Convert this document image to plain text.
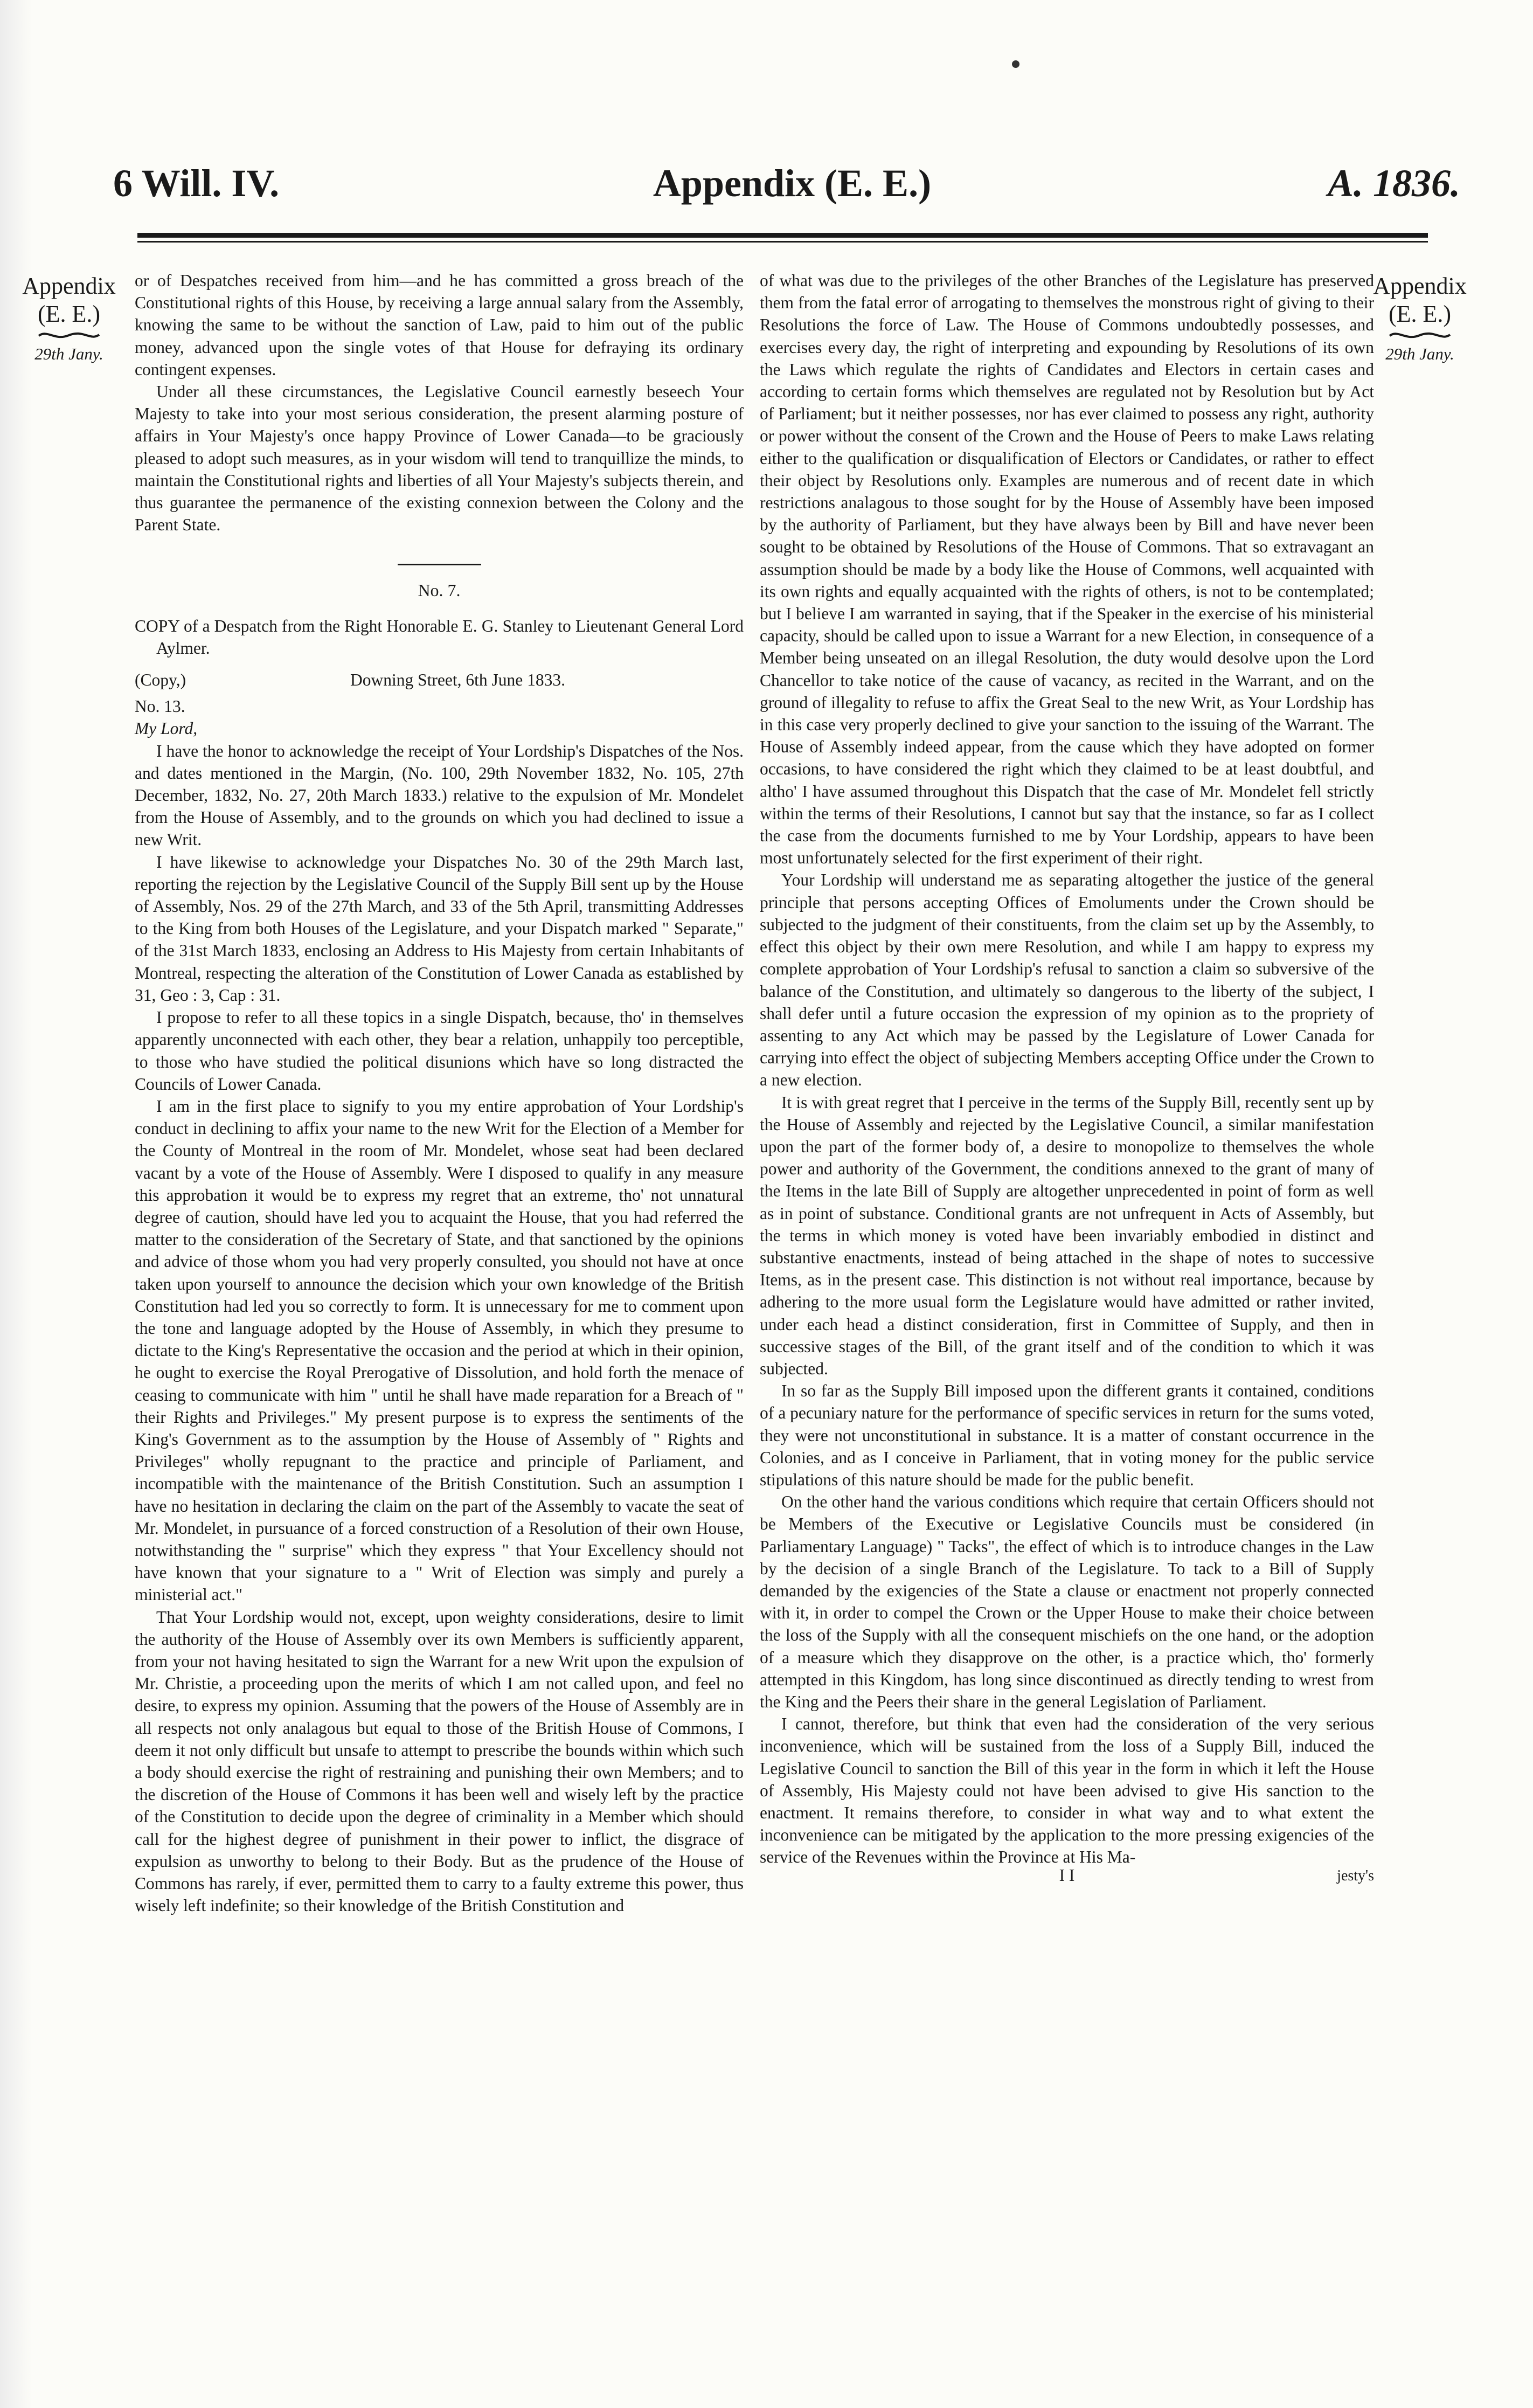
6 Will. IV.	Appendix (E. E.)	A. 1836.
Appendix
(E. E.)
29th Jany.
Appendix
(E. E.)
29th Jany.

or of Despatches received from him—and he has committed a gross breach of the Constitutional rights of this House, by receiving a large annual salary from the Assembly, knowing the same to be without the sanction of Law, paid to him out of the public money, advanced upon the single votes of that House for defraying its ordinary contingent expenses.

Under all these circumstances, the Legislative Council earnestly beseech Your Majesty to take into your most serious consideration, the present alarming posture of affairs in Your Majesty's once happy Province of Lower Canada—to be graciously pleased to adopt such measures, as in your wisdom will tend to tranquillize the minds, to maintain the Constitutional rights and liberties of all Your Majesty's subjects therein, and thus guarantee the permanence of the existing connexion between the Colony and the Parent State.

No. 7.

COPY of a Despatch from the Right Honorable E. G. Stanley to Lieutenant General Lord Aylmer.

(Copy,)	Downing Street, 6th June 1833.

No. 13.

My Lord,

I have the honor to acknowledge the receipt of Your Lordship's Dispatches of the Nos. and dates mentioned in the Margin, (No. 100, 29th November 1832, No. 105, 27th December, 1832, No. 27, 20th March 1833.) relative to the expulsion of Mr. Mondelet from the House of Assembly, and to the grounds on which you had declined to issue a new Writ.

I have likewise to acknowledge your Dispatches No. 30 of the 29th March last, reporting the rejection by the Legislative Council of the Supply Bill sent up by the House of Assembly, Nos. 29 of the 27th March, and 33 of the 5th April, transmitting Addresses to the King from both Houses of the Legislature, and your Dispatch marked " Separate," of the 31st March 1833, enclosing an Address to His Majesty from certain Inhabitants of Montreal, respecting the alteration of the Constitution of Lower Canada as established by 31, Geo : 3, Cap : 31.

I propose to refer to all these topics in a single Dispatch, because, tho' in themselves apparently unconnected with each other, they bear a relation, unhappily too perceptible, to those who have studied the political disunions which have so long distracted the Councils of Lower Canada.

I am in the first place to signify to you my entire approbation of Your Lordship's conduct in declining to affix your name to the new Writ for the Election of a Member for the County of Montreal in the room of Mr. Mondelet, whose seat had been declared vacant by a vote of the House of Assembly. Were I disposed to qualify in any measure this approbation it would be to express my regret that an extreme, tho' not unnatural degree of caution, should have led you to acquaint the House, that you had referred the matter to the consideration of the Secretary of State, and that sanctioned by the opinions and advice of those whom you had very properly consulted, you should not have at once taken upon yourself to announce the decision which your own knowledge of the British Constitution had led you so correctly to form. It is unnecessary for me to comment upon the tone and language adopted by the House of Assembly, in which they presume to dictate to the King's Representative the occasion and the period at which in their opinion, he ought to exercise the Royal Prerogative of Dissolution, and hold forth the menace of ceasing to communicate with him " until he shall have made reparation for a Breach of " their Rights and Privileges." My present purpose is to express the sentiments of the King's Government as to the assumption by the House of Assembly of " Rights and Privileges" wholly repugnant to the practice and principle of Parliament, and incompatible with the maintenance of the British Constitution. Such an assumption I have no hesitation in declaring the claim on the part of the Assembly to vacate the seat of Mr. Mondelet, in pursuance of a forced construction of a Resolution of their own House, notwithstanding the " surprise" which they express " that Your Excellency should not have known that your signature to a " Writ of Election was simply and purely a ministerial act."

That Your Lordship would not, except, upon weighty considerations, desire to limit the authority of the House of Assembly over its own Members is sufficiently apparent, from your not having hesitated to sign the Warrant for a new Writ upon the expulsion of Mr. Christie, a proceeding upon the merits of which I am not called upon, and feel no desire, to express my opinion. Assuming that the powers of the House of Assembly are in all respects not only analagous but equal to those of the British House of Commons, I deem it not only difficult but unsafe to attempt to prescribe the bounds within which such a body should exercise the right of restraining and punishing their own Members; and to the discretion of the House of Commons it has been well and wisely left by the practice of the Constitution to decide upon the degree of criminality in a Member which should call for the highest degree of punishment in their power to inflict, the disgrace of expulsion as unworthy to belong to their Body. But as the prudence of the House of Commons has rarely, if ever, permitted them to carry to a faulty extreme this power, thus wisely left indefinite; so their knowledge of the British Constitution and

of what was due to the privileges of the other Branches of the Legislature has preserved them from the fatal error of arrogating to themselves the monstrous right of giving to their Resolutions the force of Law. The House of Commons undoubtedly possesses, and exercises every day, the right of interpreting and expounding by Resolutions of its own the Laws which regulate the rights of Candidates and Electors in certain cases and according to certain forms which themselves are regulated not by Resolution but by Act of Parliament; but it neither possesses, nor has ever claimed to possess any right, authority or power without the consent of the Crown and the House of Peers to make Laws relating either to the qualification or disqualification of Electors or Candidates, or rather to effect their object by Resolutions only. Examples are numerous and of recent date in which restrictions analagous to those sought for by the House of Assembly have been imposed by the authority of Parliament, but they have always been by Bill and have never been sought to be obtained by Resolutions of the House of Commons. That so extravagant an assumption should be made by a body like the House of Commons, well acquainted with its own rights and equally acquainted with the rights of others, is not to be contemplated; but I believe I am warranted in saying, that if the Speaker in the exercise of his ministerial capacity, should be called upon to issue a Warrant for a new Election, in consequence of a Member being unseated on an illegal Resolution, the duty would desolve upon the Lord Chancellor to take notice of the cause of vacancy, as recited in the Warrant, and on the ground of illegality to refuse to affix the Great Seal to the new Writ, as Your Lordship has in this case very properly declined to give your sanction to the issuing of the Warrant. The House of Assembly indeed appear, from the cause which they have adopted on former occasions, to have considered the right which they claimed to be at least doubtful, and altho' I have assumed throughout this Dispatch that the case of Mr. Mondelet fell strictly within the terms of their Resolutions, I cannot but say that the instance, so far as I collect the case from the documents furnished to me by Your Lordship, appears to have been most unfortunately selected for the first experiment of their right.

Your Lordship will understand me as separating altogether the justice of the general principle that persons accepting Offices of Emoluments under the Crown should be subjected to the judgment of their constituents, from the claim set up by the Assembly, to effect this object by their own mere Resolution, and while I am happy to express my complete approbation of Your Lordship's refusal to sanction a claim so subversive of the balance of the Constitution, and ultimately so dangerous to the liberty of the subject, I shall defer until a future occasion the expression of my opinion as to the propriety of assenting to any Act which may be passed by the Legislature of Lower Canada for carrying into effect the object of subjecting Members accepting Office under the Crown to a new election.

It is with great regret that I perceive in the terms of the Supply Bill, recently sent up by the House of Assembly and rejected by the Legislative Council, a similar manifestation upon the part of the former body of, a desire to monopolize to themselves the whole power and authority of the Government, the conditions annexed to the grant of many of the Items in the late Bill of Supply are altogether unprecedented in point of form as well as in point of substance. Conditional grants are not unfrequent in Acts of Assembly, but the terms in which money is voted have been invariably embodied in distinct and substantive enactments, instead of being attached in the shape of notes to successive Items, as in the present case. This distinction is not without real importance, because by adhering to the more usual form the Legislature would have admitted or rather invited, under each head a distinct consideration, first in Committee of Supply, and then in successive stages of the Bill, of the grant itself and of the condition to which it was subjected.

In so far as the Supply Bill imposed upon the different grants it contained, conditions of a pecuniary nature for the performance of specific services in return for the sums voted, they were not unconstitutional in substance. It is a matter of constant occurrence in the Colonies, and as I conceive in Parliament, that in voting money for the public service stipulations of this nature should be made for the public benefit.

On the other hand the various conditions which require that certain Officers should not be Members of the Executive or Legislative Councils must be considered (in Parliamentary Language) " Tacks", the effect of which is to introduce changes in the Law by the decision of a single Branch of the Legislature. To tack to a Bill of Supply demanded by the exigencies of the State a clause or enactment not properly connected with it, in order to compel the Crown or the Upper House to make their choice between the loss of the Supply with all the consequent mischiefs on the one hand, or the adoption of a measure which they disapprove on the other, is a practice which, tho' formerly attempted in this Kingdom, has long since discontinued as directly tending to wrest from the King and the Peers their share in the general Legislation of Parliament.

I cannot, therefore, but think that even had the consideration of the very serious inconvenience, which will be sustained from the loss of a Supply Bill, induced the Legislative Council to sanction the Bill of this year in the form in which it left the House of Assembly, His Majesty could not have been advised to give His sanction to the enactment. It remains therefore, to consider in what way and to what extent the inconvenience can be mitigated by the application to the more pressing exigencies of the service of the Revenues within the Province at His Ma-

I I	jesty's
